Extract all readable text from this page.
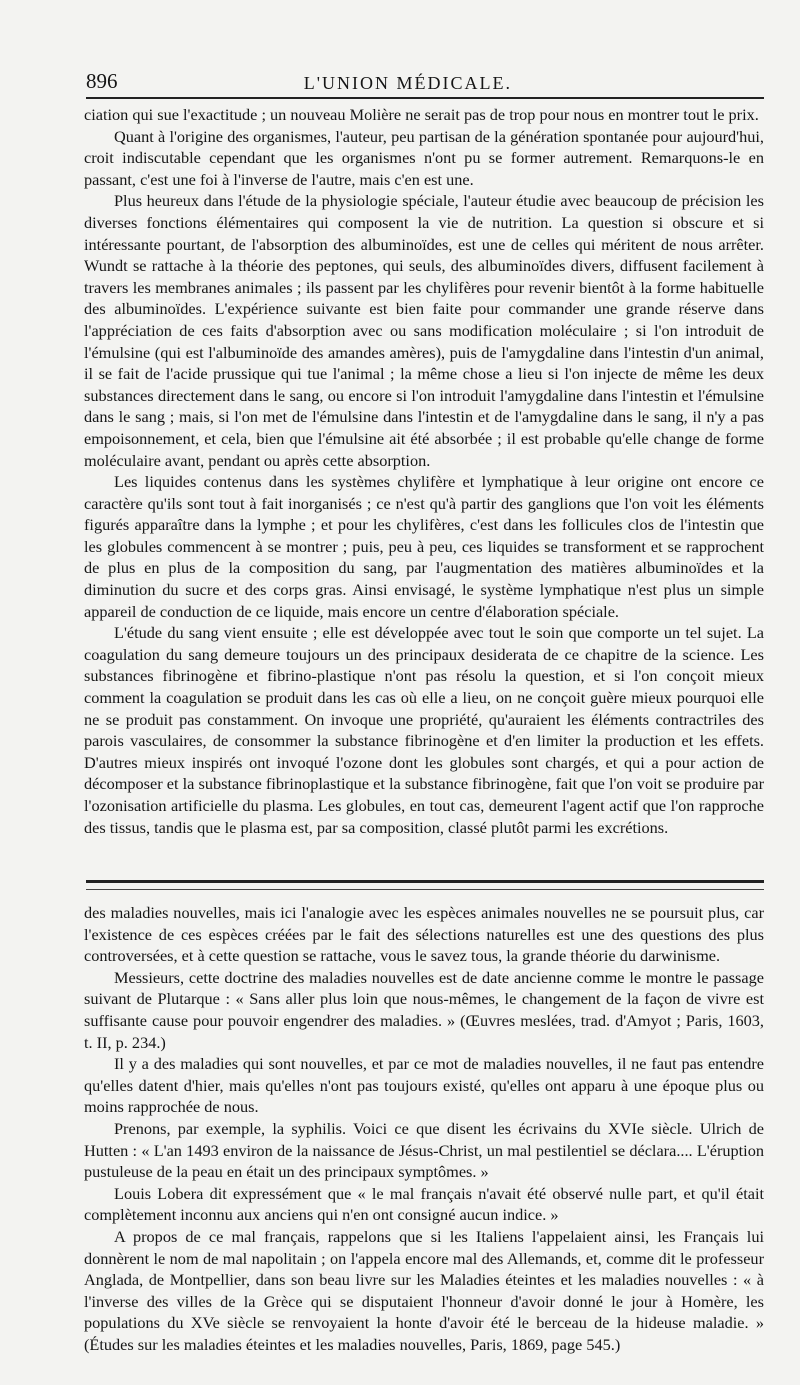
896	L'UNION MÉDICALE.

ciation qui sue l'exactitude ; un nouveau Molière ne serait pas de trop pour nous en montrer tout le prix.

Quant à l'origine des organismes, l'auteur, peu partisan de la génération spontanée pour aujourd'hui, croit indiscutable cependant que les organismes n'ont pu se former autrement. Remarquons-le en passant, c'est une foi à l'inverse de l'autre, mais c'en est une.

Plus heureux dans l'étude de la physiologie spéciale, l'auteur étudie avec beaucoup de précision les diverses fonctions élémentaires qui composent la vie de nutrition. La question si obscure et si intéressante pourtant, de l'absorption des albuminoïdes, est une de celles qui méritent de nous arrêter. Wundt se rattache à la théorie des peptones, qui seuls, des albuminoïdes divers, diffusent facilement à travers les membranes animales ; ils passent par les chylifères pour revenir bientôt à la forme habituelle des albuminoïdes. L'expérience suivante est bien faite pour commander une grande réserve dans l'appréciation de ces faits d'absorption avec ou sans modification moléculaire ; si l'on introduit de l'émulsine (qui est l'albuminoïde des amandes amères), puis de l'amygdaline dans l'intestin d'un animal, il se fait de l'acide prussique qui tue l'animal ; la même chose a lieu si l'on injecte de même les deux substances directement dans le sang, ou encore si l'on introduit l'amygdaline dans l'intestin et l'émulsine dans le sang ; mais, si l'on met de l'émulsine dans l'intestin et de l'amygdaline dans le sang, il n'y a pas empoisonnement, et cela, bien que l'émulsine ait été absorbée ; il est probable qu'elle change de forme moléculaire avant, pendant ou après cette absorption.

Les liquides contenus dans les systèmes chylifère et lymphatique à leur origine ont encore ce caractère qu'ils sont tout à fait inorganisés ; ce n'est qu'à partir des ganglions que l'on voit les éléments figurés apparaître dans la lymphe ; et pour les chylifères, c'est dans les follicules clos de l'intestin que les globules commencent à se montrer ; puis, peu à peu, ces liquides se transforment et se rapprochent de plus en plus de la composition du sang, par l'augmentation des matières albuminoïdes et la diminution du sucre et des corps gras. Ainsi envisagé, le système lymphatique n'est plus un simple appareil de conduction de ce liquide, mais encore un centre d'élaboration spéciale.

L'étude du sang vient ensuite ; elle est développée avec tout le soin que comporte un tel sujet. La coagulation du sang demeure toujours un des principaux desiderata de ce chapitre de la science. Les substances fibrinogène et fibrino-plastique n'ont pas résolu la question, et si l'on conçoit mieux comment la coagulation se produit dans les cas où elle a lieu, on ne conçoit guère mieux pourquoi elle ne se produit pas constamment. On invoque une propriété, qu'auraient les éléments contractriles des parois vasculaires, de consommer la substance fibrinogène et d'en limiter la production et les effets. D'autres mieux inspirés ont invoqué l'ozone dont les globules sont chargés, et qui a pour action de décomposer et la substance fibrinoplastique et la substance fibrinogène, fait que l'on voit se produire par l'ozonisation artificielle du plasma. Les globules, en tout cas, demeurent l'agent actif que l'on rapproche des tissus, tandis que le plasma est, par sa composition, classé plutôt parmi les excrétions.

des maladies nouvelles, mais ici l'analogie avec les espèces animales nouvelles ne se poursuit plus, car l'existence de ces espèces créées par le fait des sélections naturelles est une des questions des plus controversées, et à cette question se rattache, vous le savez tous, la grande théorie du darwinisme.

Messieurs, cette doctrine des maladies nouvelles est de date ancienne comme le montre le passage suivant de Plutarque : « Sans aller plus loin que nous-mêmes, le changement de la façon de vivre est suffisante cause pour pouvoir engendrer des maladies. » (Œuvres meslées, trad. d'Amyot ; Paris, 1603, t. II, p. 234.)

Il y a des maladies qui sont nouvelles, et par ce mot de maladies nouvelles, il ne faut pas entendre qu'elles datent d'hier, mais qu'elles n'ont pas toujours existé, qu'elles ont apparu à une époque plus ou moins rapprochée de nous.

Prenons, par exemple, la syphilis. Voici ce que disent les écrivains du XVIe siècle. Ulrich de Hutten : « L'an 1493 environ de la naissance de Jésus-Christ, un mal pestilentiel se déclara.... L'éruption pustuleuse de la peau en était un des principaux symptômes. »

Louis Lobera dit expressément que « le mal français n'avait été observé nulle part, et qu'il était complètement inconnu aux anciens qui n'en ont consigné aucun indice. »

A propos de ce mal français, rappelons que si les Italiens l'appelaient ainsi, les Français lui donnèrent le nom de mal napolitain ; on l'appela encore mal des Allemands, et, comme dit le professeur Anglada, de Montpellier, dans son beau livre sur les Maladies éteintes et les maladies nouvelles : « à l'inverse des villes de la Grèce qui se disputaient l'honneur d'avoir donné le jour à Homère, les populations du XVe siècle se renvoyaient la honte d'avoir été le berceau de la hideuse maladie. » (Études sur les maladies éteintes et les maladies nouvelles, Paris, 1869, page 545.)
